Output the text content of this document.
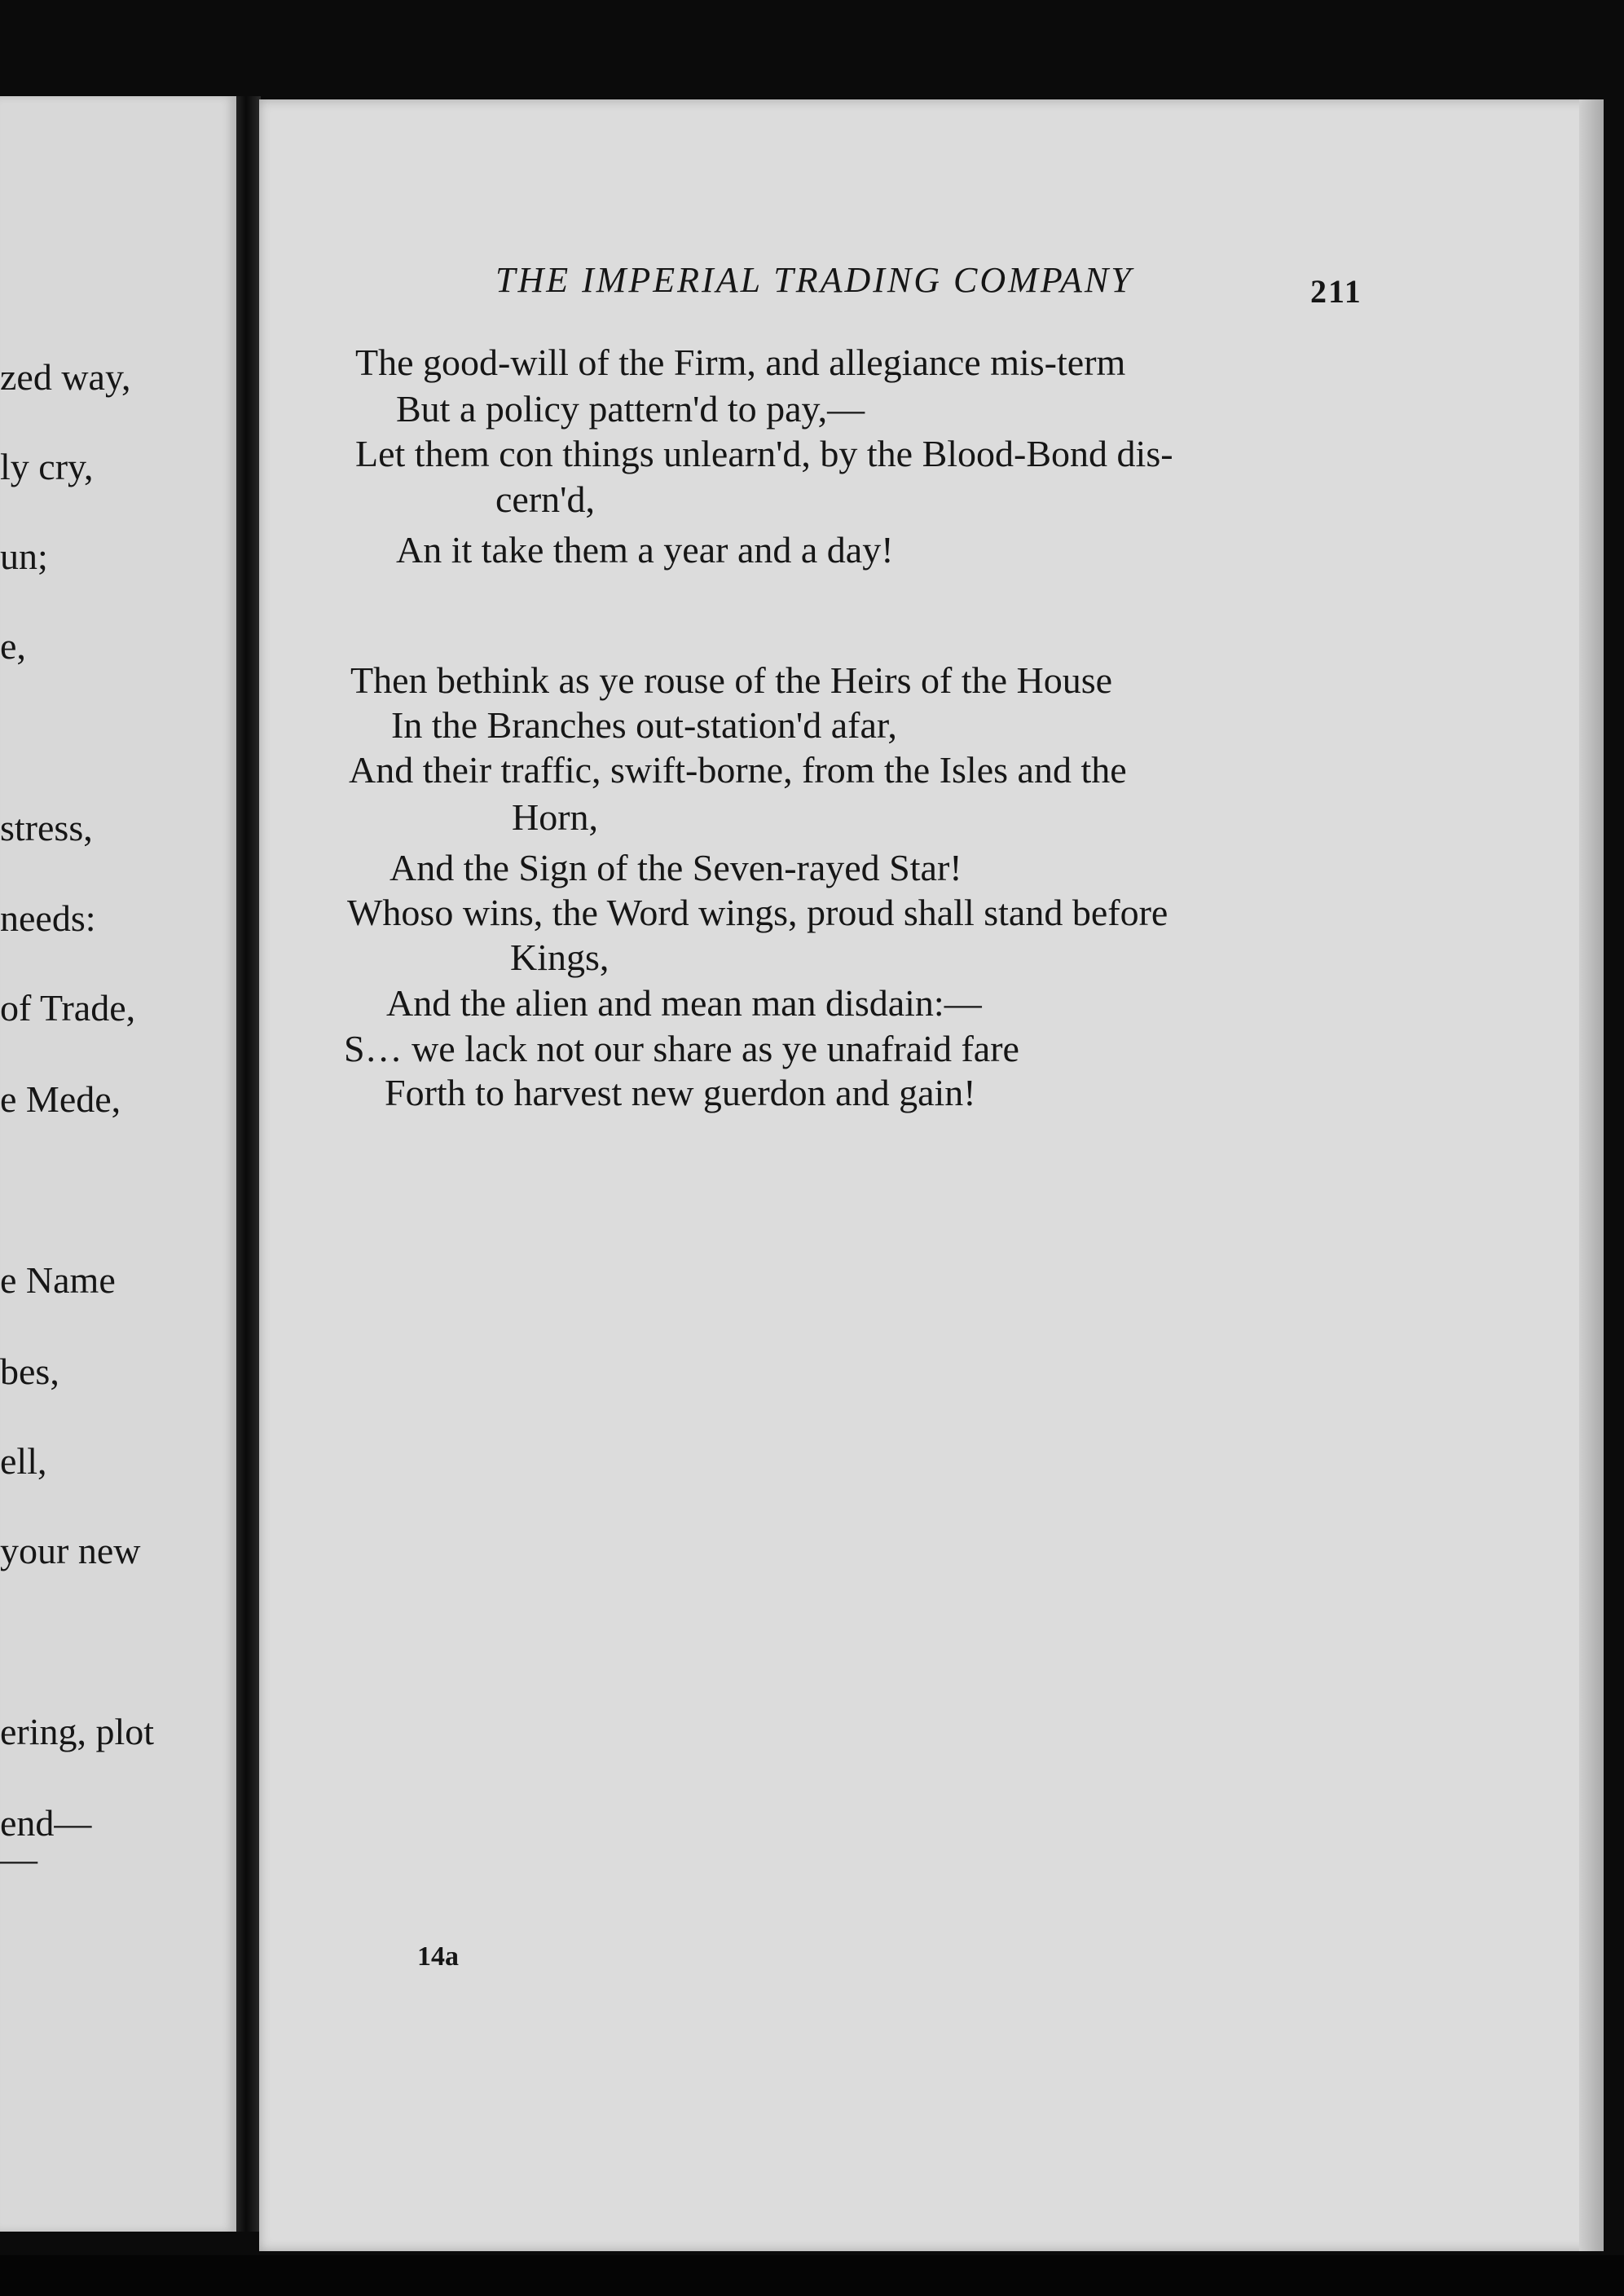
zed way,
ly cry,
un;
e,
stress,
needs:
of Trade,
e Mede,
e Name
bes,
ell,
your new
ering, plot
end—
—
THE IMPERIAL TRADING COMPANY	211
The good-will of the Firm, and allegiance mis-term
But a policy pattern'd to pay,—
Let them con things unlearn'd, by the Blood-Bond dis-
cern'd,
An it take them a year and a day!
Then bethink as ye rouse of the Heirs of the House
In the Branches out-station'd afar,
And their traffic, swift-borne, from the Isles and the
Horn,
And the Sign of the Seven-rayed Star!
Whoso wins, the Word wings, proud shall stand before
Kings,
And the alien and mean man disdain:—
S… we lack not our share as ye unafraid fare
Forth to harvest new guerdon and gain!
14a
